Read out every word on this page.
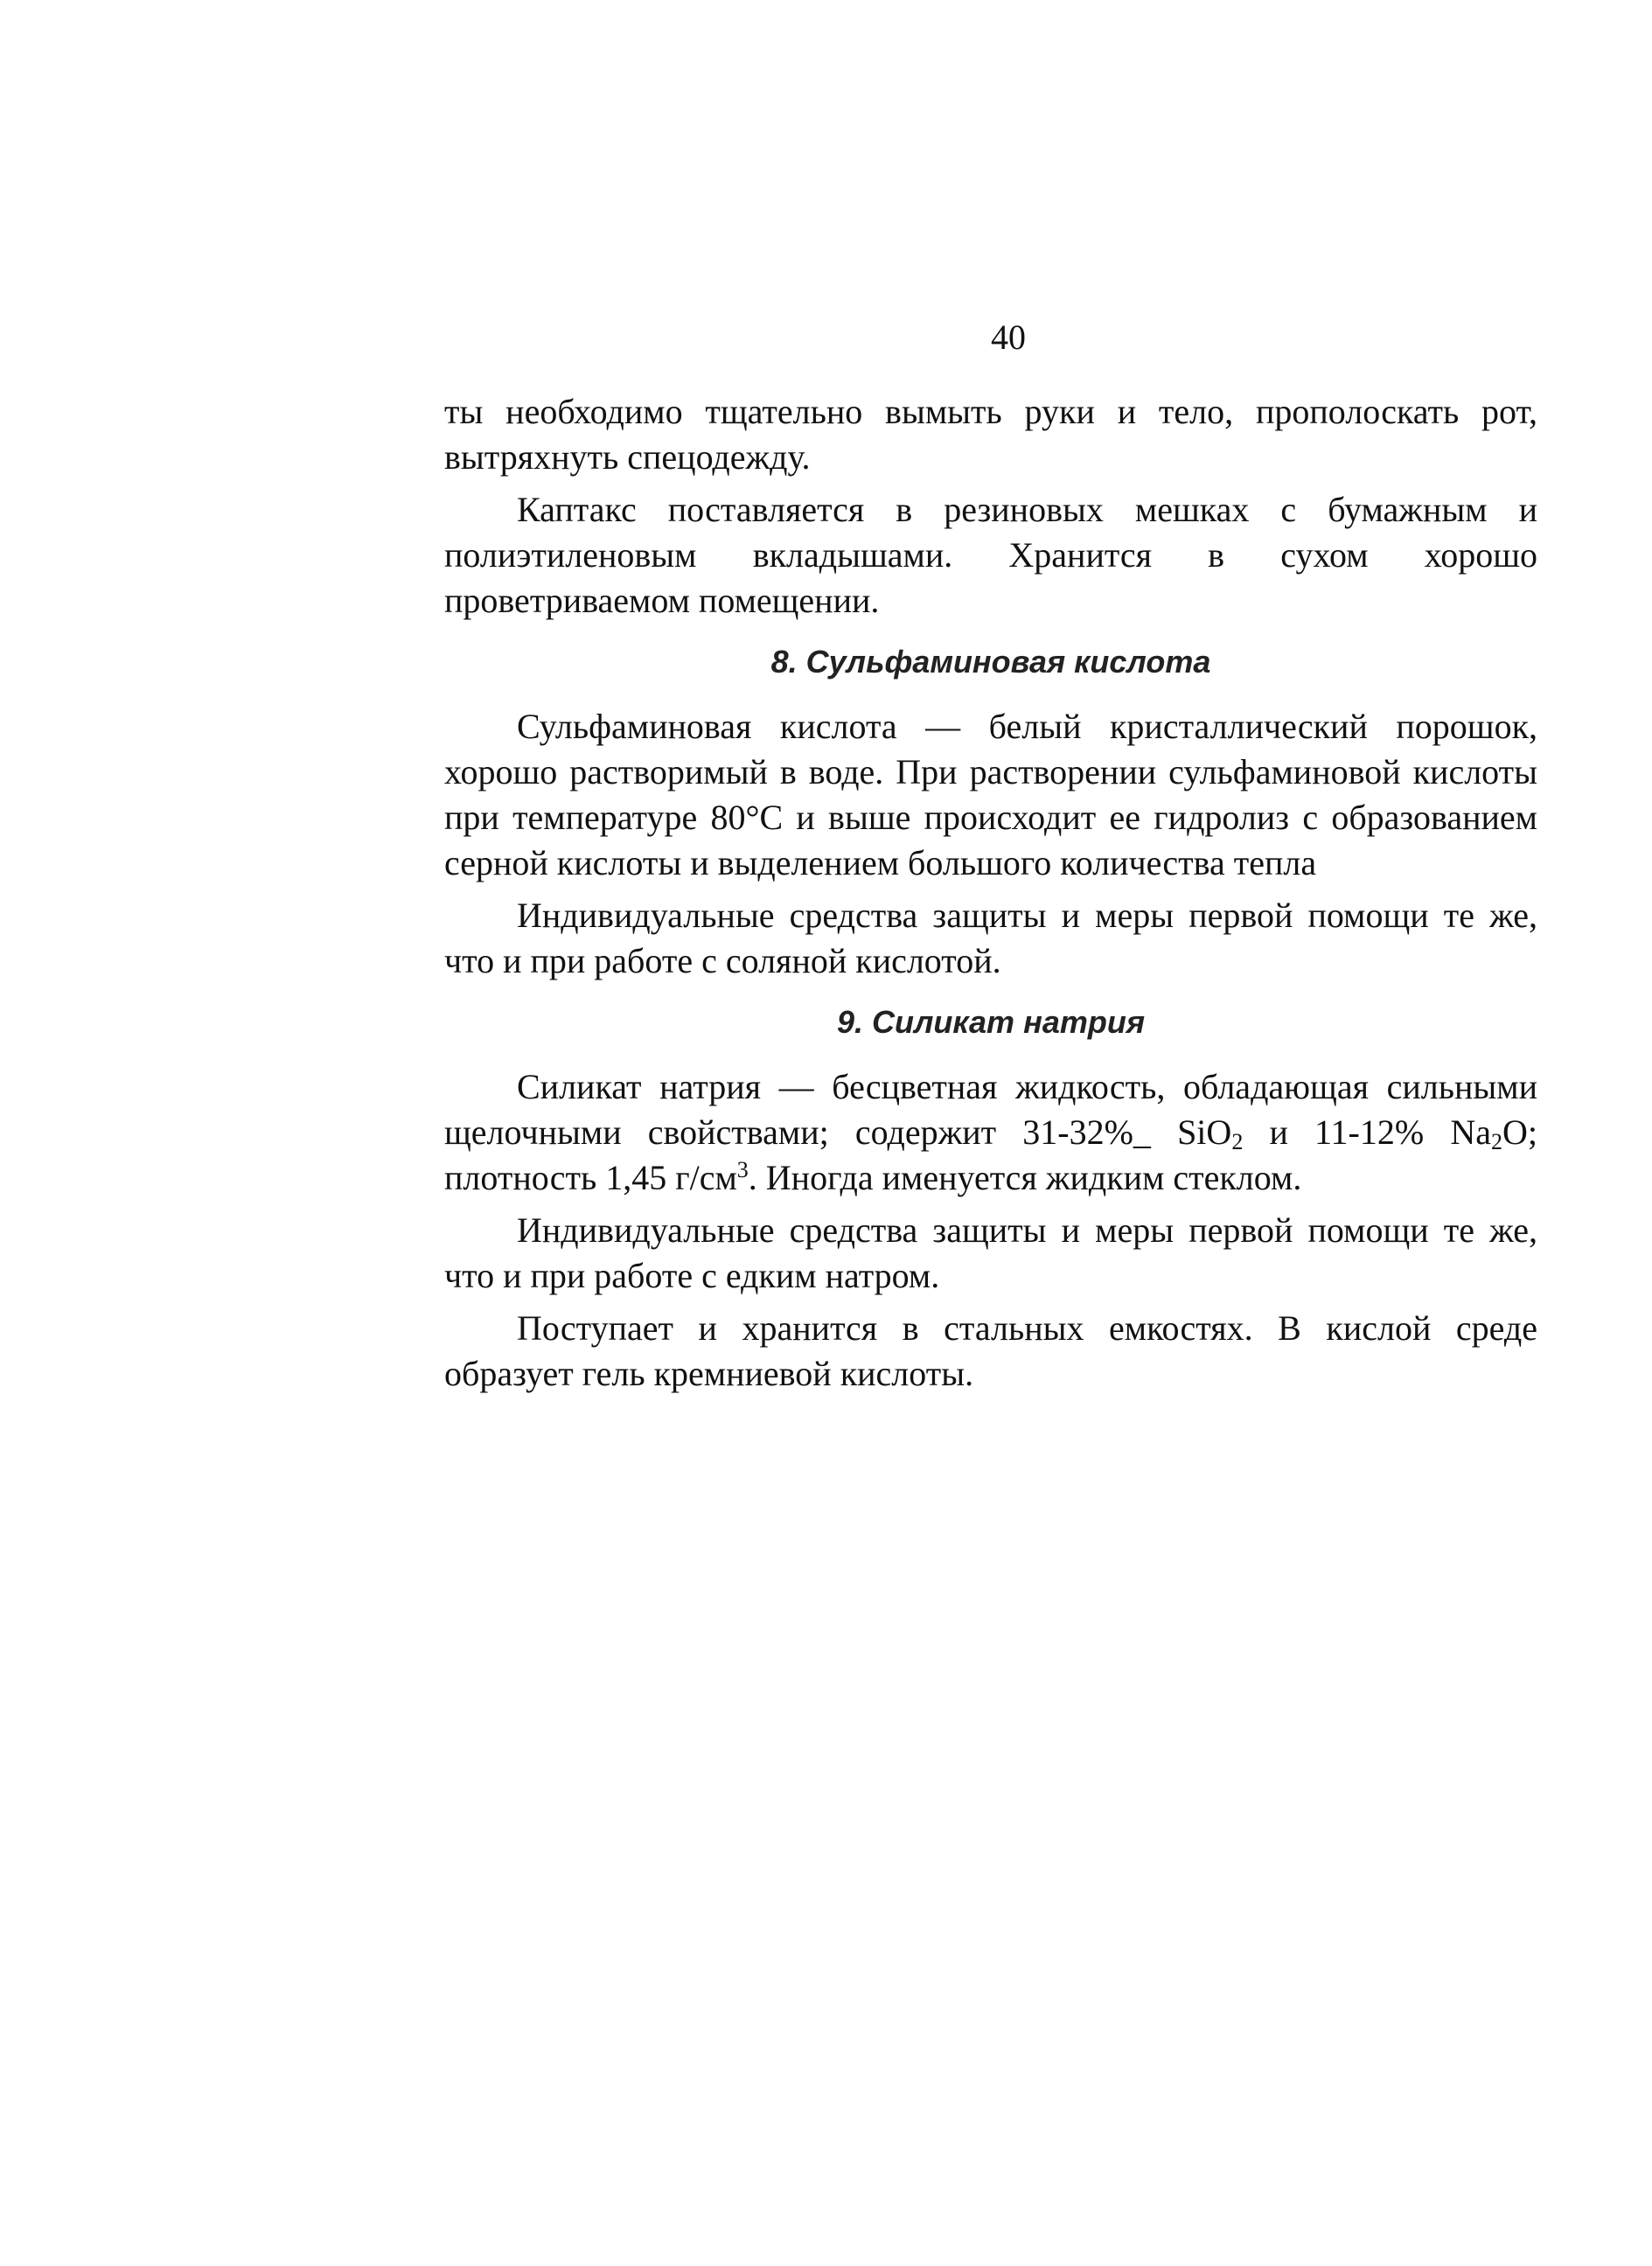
40

ты необходимо тщательно вымыть руки и тело, прополоскать рот, вытряхнуть спецодежду.

Каптакс поставляется в резиновых мешках с бумажным и полиэтиленовым вкладышами. Хранится в сухом хорошо проветриваемом помещении.

8. Сульфаминовая кислота

Сульфаминовая кислота — белый кристаллический порошок, хорошо растворимый в воде. При растворении сульфаминовой кислоты при температуре 80°С и выше происходит ее гидролиз с образованием серной кислоты и выделением большого количества тепла

Индивидуальные средства защиты и меры первой помощи те же, что и при работе с соляной кислотой.

9. Силикат натрия

Силикат натрия — бесцветная жидкость, обладающая сильными щелочными свойствами; содержит 31-32%_ SiO$_2$ и 11-12% $Na_2O$; плотность 1,45 $г/см^3$. Иногда именуется жидким стеклом.

Индивидуальные средства защиты и меры первой помощи те же, что и при работе с едким натром.

Поступает и хранится в стальных емкостях. В кислой среде образует гель кремниевой кислоты.
